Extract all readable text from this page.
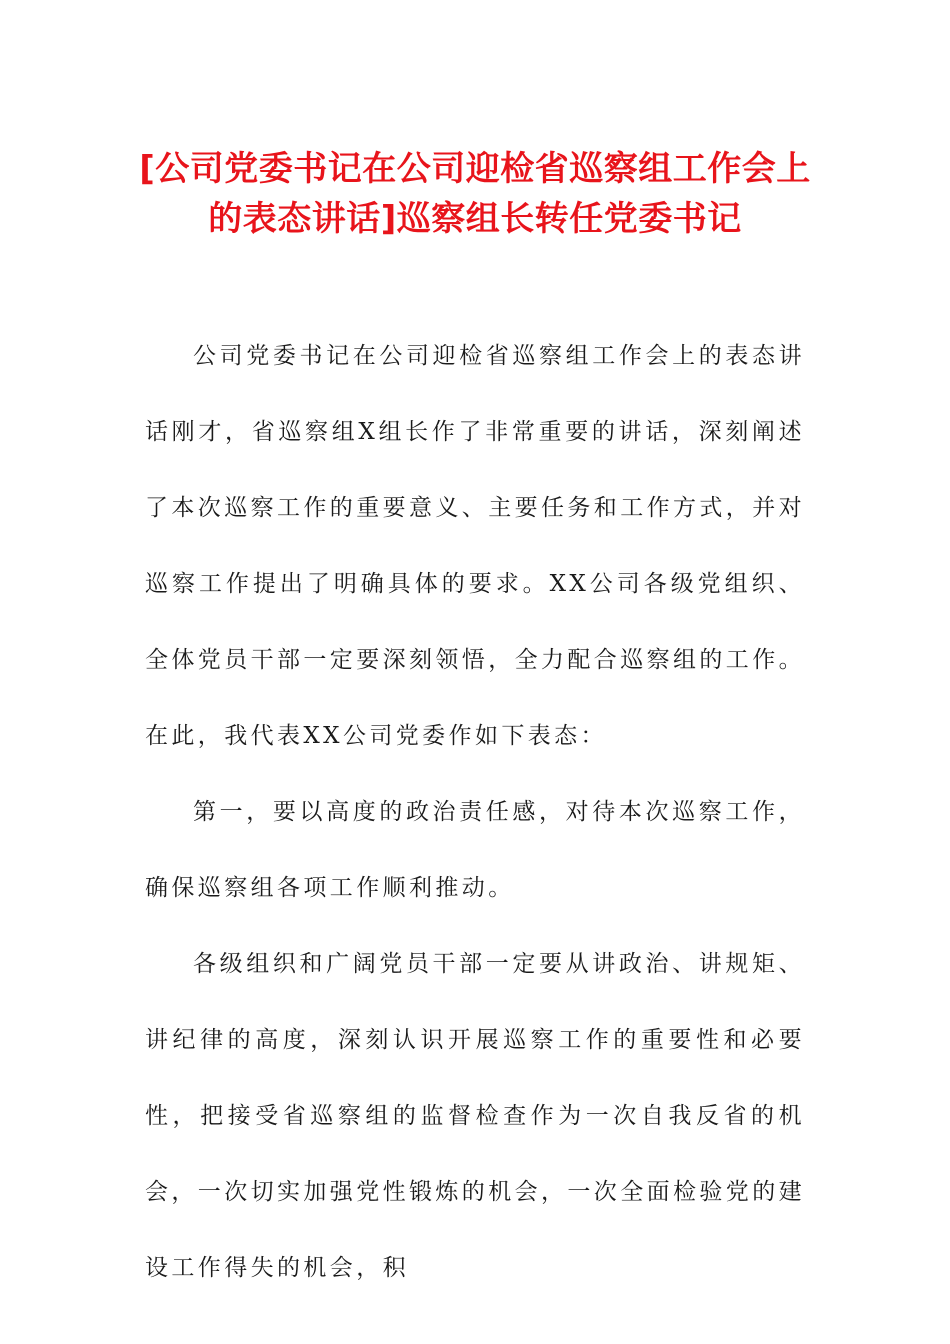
[公司党委书记在公司迎检省巡察组工作会上的表态讲话]巡察组长转任党委书记

公司党委书记在公司迎检省巡察组工作会上的表态讲话刚才，省巡察组X组长作了非常重要的讲话，深刻阐述了本次巡察工作的重要意义、主要任务和工作方式，并对巡察工作提出了明确具体的要求。XX公司各级党组织、全体党员干部一定要深刻领悟，全力配合巡察组的工作。在此，我代表XX公司党委作如下表态：

第一，要以高度的政治责任感，对待本次巡察工作，确保巡察组各项工作顺利推动。

各级组织和广阔党员干部一定要从讲政治、讲规矩、讲纪律的高度，深刻认识开展巡察工作的重要性和必要性，把接受省巡察组的监督检查作为一次自我反省的机会，一次切实加强党性锻炼的机会，一次全面检验党的建设工作得失的机会，积
